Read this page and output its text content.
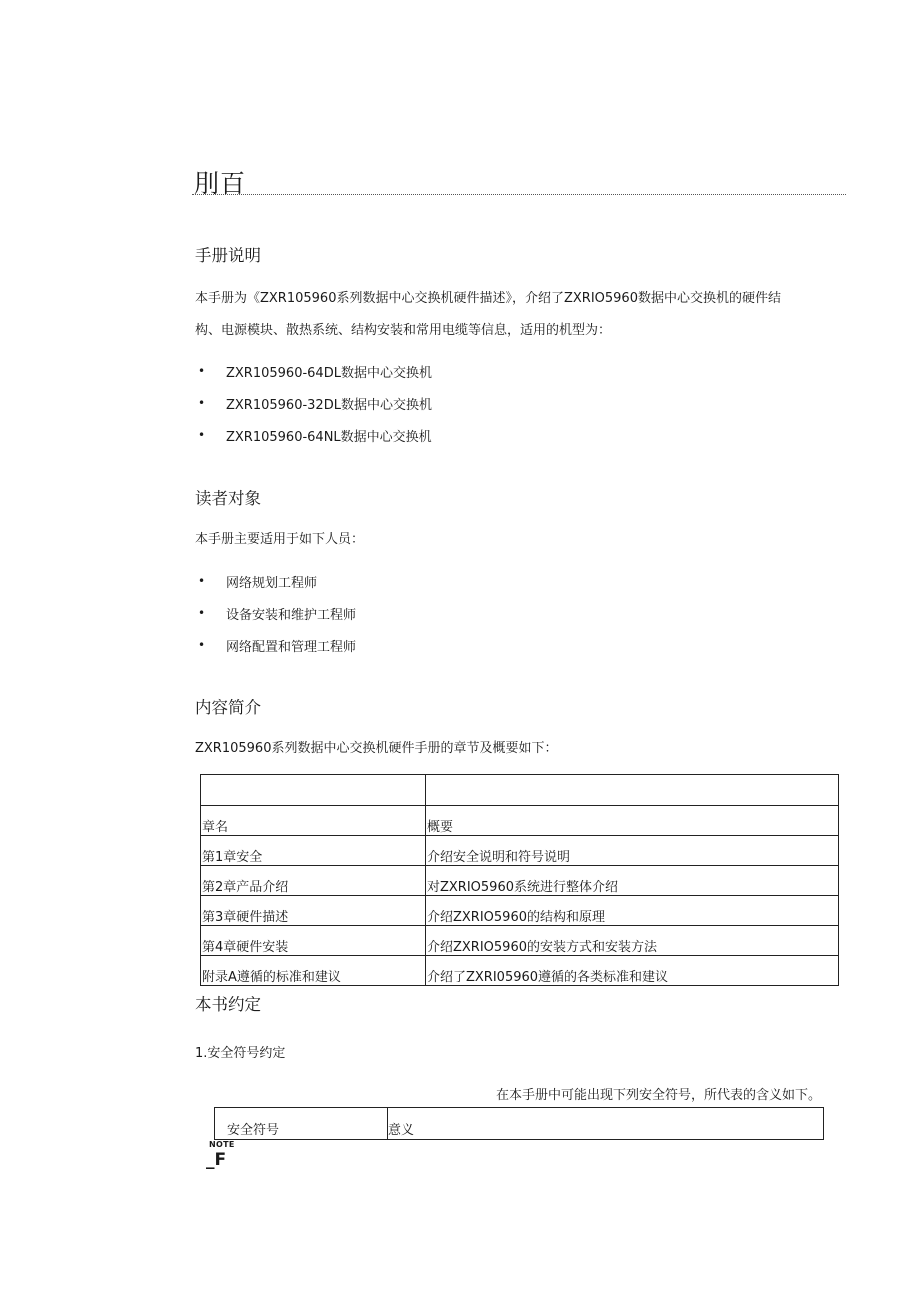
刖百
手册说明
本手册为《ZXR105960系列数据中心交换机硬件描述》，介绍了ZXRIO5960数据中心交换机的硬件结
构、电源模块、散热系统、结构安装和常用电缆等信息，适用的机型为：
• ZXR105960-64DL数据中心交换机
• ZXR105960-32DL数据中心交换机
• ZXR105960-64NL数据中心交换机
读者对象
本手册主要适用于如下人员：
• 网络规划工程师
• 设备安装和维护工程师
• 网络配置和管理工程师
内容简介
ZXR105960系列数据中心交换机硬件手册的章节及概要如下：

章名	概要
第1章安全	介绍安全说明和符号说明
第2章产品介绍	对ZXRIO5960系统进行整体介绍
第3章硬件描述	介绍ZXRIO5960的结构和原理
第4章硬件安装	介绍ZXRIO5960的安装方式和安装方法
附录A遵循的标准和建议	介绍了ZXRI05960遵循的各类标准和建议
本书约定
1.安全符号约定
在本手册中可能出现下列安全符号，所代表的含义如下。
安全符号	意义
NOTE
_F
